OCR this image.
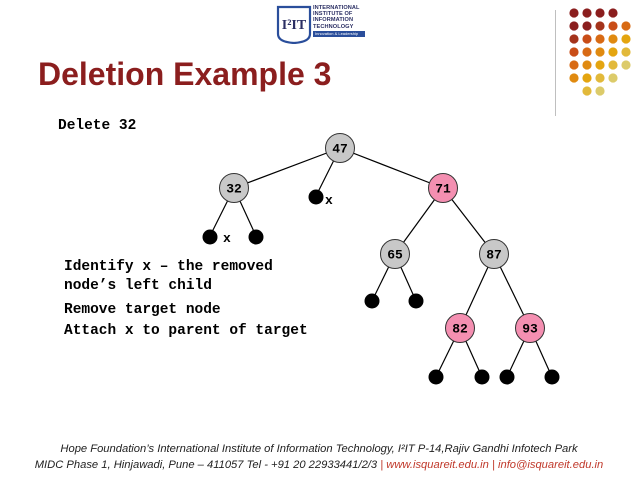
I²IT
INTERNATIONAL
INSTITUTE OF
INFORMATION
TECHNOLOGY
Innovation & Leadership
Deletion Example 3
Delete 32
Identify x – the removed
node’s left child
Remove target node
Attach x to parent of target
47
32	71
65	87
82	93
x
x
Hope Foundation’s International Institute of Information Technology, I²IT P-14,Rajiv Gandhi Infotech Park
MIDC Phase 1, Hinjawadi, Pune – 411057 Tel - +91 20 22933441/2/3 | www.isquareit.edu.in | info@isquareit.edu.in
